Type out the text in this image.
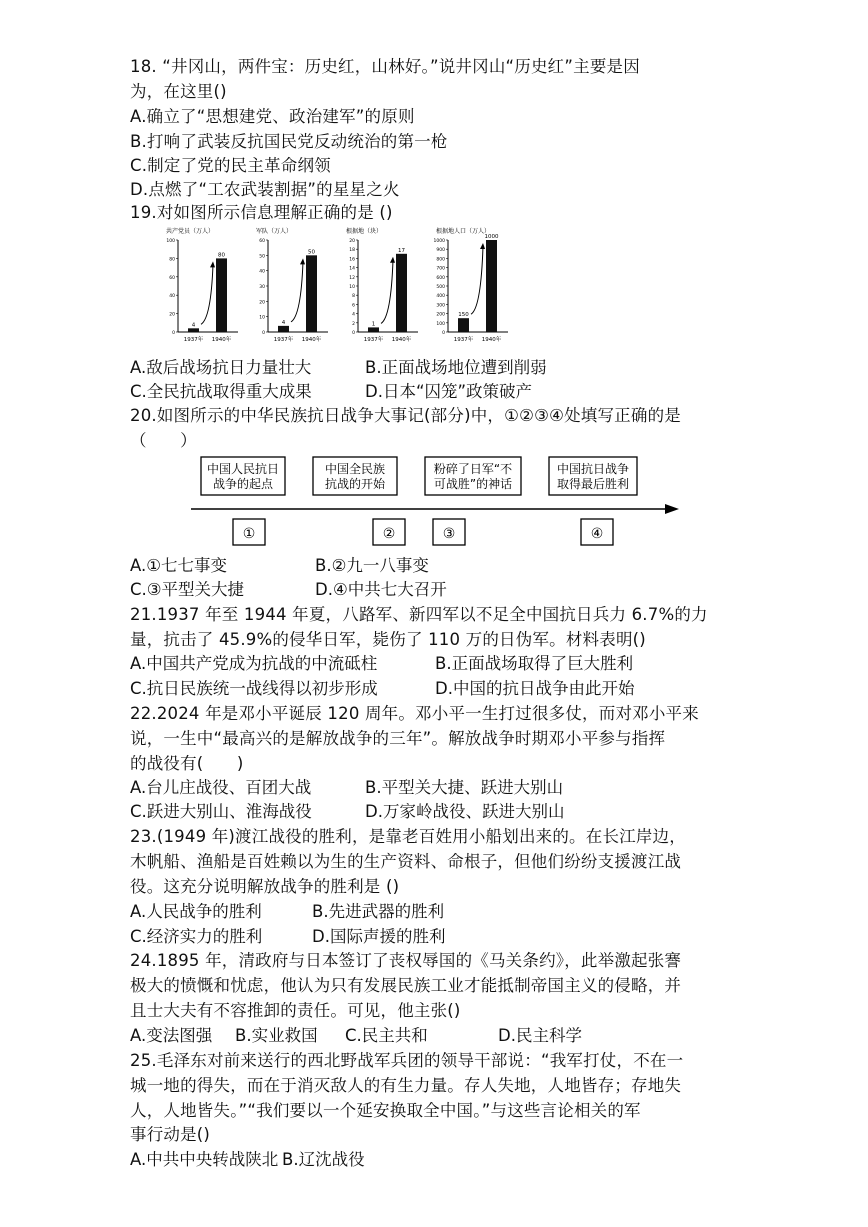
18. “井冈山，两件宝：历史红，山林好。”说井冈山“历史红”主要是因
为，在这里()
A.确立了“思想建党、政治建军”的原则
B.打响了武装反抗国民党反动统治的第一枪
C.制定了党的民主革命纲领
D.点燃了“工农武装割据”的星星之火
19.对如图所示信息理解正确的是 ()
共产党员（万人）
0
20
40
60
80
100
4
1937年
80
1940年
军队（万人）
0
10
20
30
40
50
60
4
1937年
50
1940年
根据地（块）
0
2
4
6
8
10
12
14
16
18
20
1
1937年
17
1940年
根据地人口（万人）
0
100
200
300
400
500
600
700
800
900
1000
150
1937年
1000
1940年
A.敌后战场抗日力量壮大	B.正面战场地位遭到削弱
C.全民抗战取得重大成果	D.日本“囚笼”政策破产
20.如图所示的中华民族抗日战争大事记(部分)中，①②③④处填写正确的是
（　　）
中国人民抗日
战争的起点
中国全民族
抗战的开始
粉碎了日军“不
可战胜”的神话
中国抗日战争
取得最后胜利
①	②	③	④
A.①七七事变	B.②九一八事变
C.③平型关大捷	D.④中共七大召开
21.1937 年至 1944 年夏，八路军、新四军以不足全中国抗日兵力 6.7%的力
量，抗击了 45.9%的侵华日军，毙伤了 110 万的日伪军。材料表明()
A.中国共产党成为抗战的中流砥柱	B.正面战场取得了巨大胜利
C.抗日民族统一战线得以初步形成	D.中国的抗日战争由此开始
22.2024 年是邓小平诞辰 120 周年。邓小平一生打过很多仗，而对邓小平来
说，一生中“最高兴的是解放战争的三年”。解放战争时期邓小平参与指挥
的战役有(　　)
A.台儿庄战役、百团大战	B.平型关大捷、跃进大别山
C.跃进大别山、淮海战役	D.万家岭战役、跃进大别山
23.(1949 年)渡江战役的胜利，是靠老百姓用小船划出来的。在长江岸边，
木帆船、渔船是百姓赖以为生的生产资料、命根子，但他们纷纷支援渡江战
役。这充分说明解放战争的胜利是 ()
A.人民战争的胜利	B.先进武器的胜利
C.经济实力的胜利	D.国际声援的胜利
24.1895 年，清政府与日本签订了丧权辱国的《马关条约》，此举激起张謇
极大的愤慨和忧虑，他认为只有发展民族工业才能抵制帝国主义的侵略，并
且士大夫有不容推卸的责任。可见，他主张()
A.变法图强 B.实业救国 C.民主共和	D.民主科学
25.毛泽东对前来送行的西北野战军兵团的领导干部说：“我军打仗，不在一
城一地的得失，而在于消灭敌人的有生力量。存人失地，人地皆存；存地失
人，人地皆失。”“我们要以一个延安换取全中国。”与这些言论相关的军
事行动是()
A.中共中央转战陕北 B.辽沈战役
